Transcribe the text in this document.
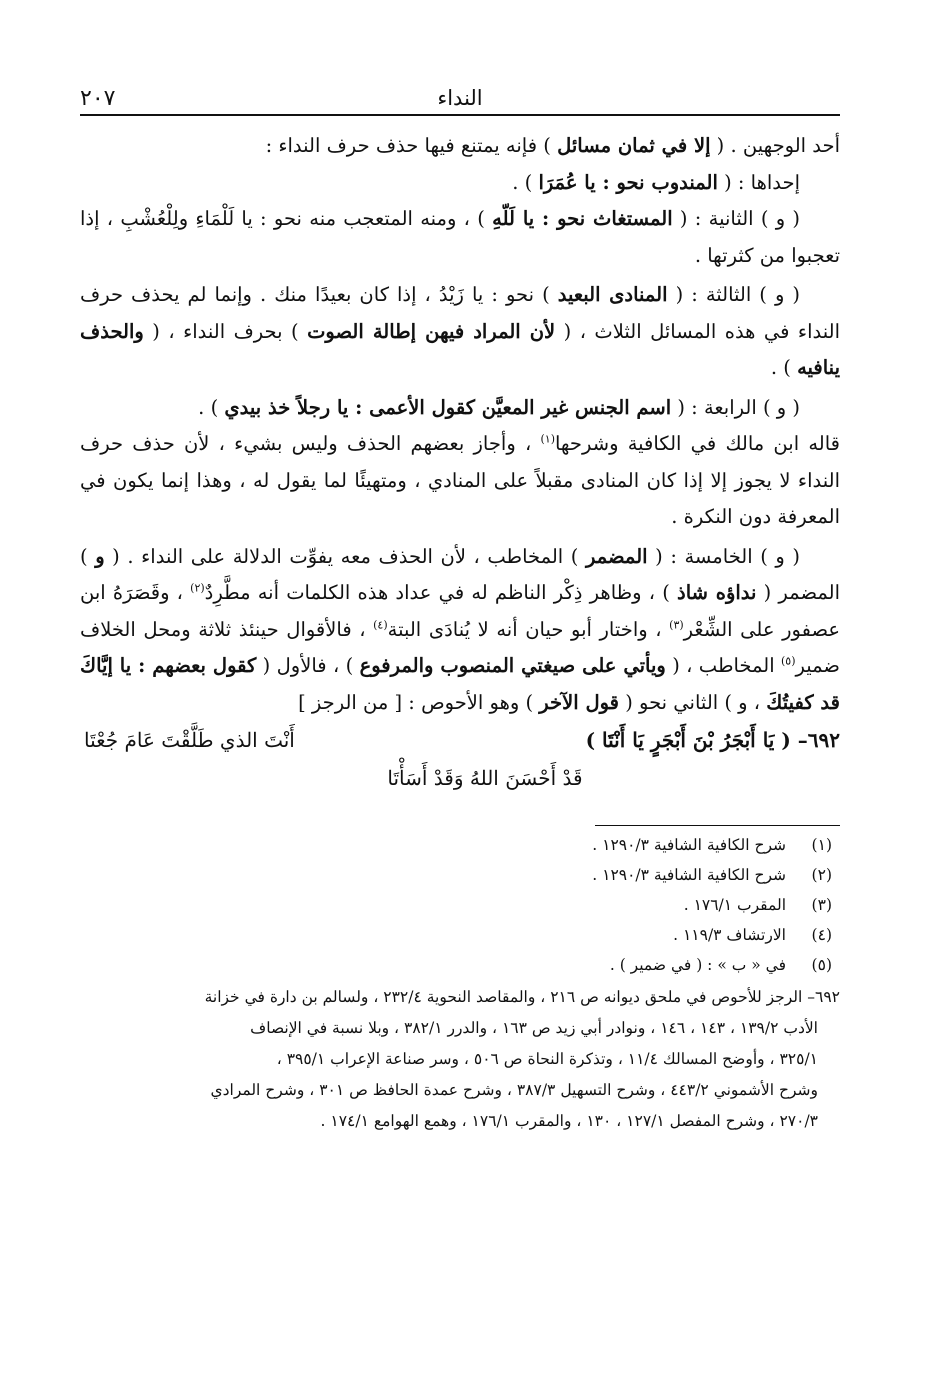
النداء
٢٠٧

أحد الوجهين . ( إلا في ثمان مسائل ) فإنه يمتنع فيها حذف حرف النداء :

إحداها : ( المندوب نحو : يا عُمَرَا ) .

( و ) الثانية : ( المستغاث نحو : يا لَلّهِ ) ، ومنه المتعجب منه نحو : يا لَلْمَاءِ ولِلْعُشْبِ ، إذا تعجبوا من كثرتها .

( و ) الثالثة : ( المنادى البعيد ) نحو : يا زَيْدُ ، إذا كان بعيدًا منك . وإنما لم يحذف حرف النداء في هذه المسائل الثلاث ، ( لأن المراد فيهن إطالة الصوت ) بحرف النداء ، ( والحذف ينافيه ) .

( و ) الرابعة : ( اسم الجنس غير المعيَّن كقول الأعمى : يا رجلاً خذ بيدي ) .

قاله ابن مالك في الكافية وشرحها$^{(١)}$ ، وأجاز بعضهم الحذف وليس بشيء ، لأن حذف حرف النداء لا يجوز إلا إذا كان المنادى مقبلاً على المنادي ، ومتهيئًا لما يقول له ، وهذا إنما يكون في المعرفة دون النكرة .

( و ) الخامسة : ( المضمر ) المخاطب ، لأن الحذف معه يفوِّت الدلالة على النداء . ( و ) المضمر ( نداؤه شاذ ) ، وظاهر ذِكْر الناظم له في عداد هذه الكلمات أنه مطَّرِدٌ$^{(٢)}$ ، وقَصَرَهُ ابن عصفور على الشِّعْر$^{(٣)}$ ، واختار أبو حيان أنه لا يُنادَى البتة$^{(٤)}$ ، فالأقوال حينئذ ثلاثة ومحل الخلاف ضمير$^{(٥)}$ المخاطب ، ( ويأتي على صيغتي المنصوب والمرفوع ) ، فالأول ( كقول بعضهم : يا إيَّاكَ قد كفيتُكَ ، و ) الثاني نحو ( قول الآخر ) وهو الأحوص : [ من الرجز ]

٦٩٢– ( يَا أَبْجَرُ بْنَ أَبْجَرٍ يَا أَنْتَا )
أَنْتَ الذي طَلَّقْتَ عَامَ جُعْتَا
قَدْ أَحْسَنَ اللهُ وَقَدْ أَسَأْتَا
(١)
شرح الكافية الشافية ١٢٩٠/٣ .
(٢)
شرح الكافية الشافية ١٢٩٠/٣ .
(٣)
المقرب ١٧٦/١ .
(٤)
الارتشاف ١١٩/٣ .
(٥)
في « ب » : ( في ضمير ) .

٦٩٢– الرجز للأحوص في ملحق ديوانه ص ٢١٦ ، والمقاصد النحوية ٢٣٢/٤ ، ولسالم بن دارة في خزانة

الأدب ١٣٩/٢ ، ١٤٣ ، ١٤٦ ، ونوادر أبي زيد ص ١٦٣ ، والدرر ٣٨٢/١ ، وبلا نسبة في الإنصاف

٣٢٥/١ ، وأوضح المسالك ١١/٤ ، وتذكرة النحاة ص ٥٠٦ ، وسر صناعة الإعراب ٣٩٥/١ ،

وشرح الأشموني ٤٤٣/٢ ، وشرح التسهيل ٣٨٧/٣ ، وشرح عمدة الحافظ ص ٣٠١ ، وشرح المرادي

٢٧٠/٣ ، وشرح المفصل ١٢٧/١ ، ١٣٠ ، والمقرب ١٧٦/١ ، وهمع الهوامع ١٧٤/١ .
